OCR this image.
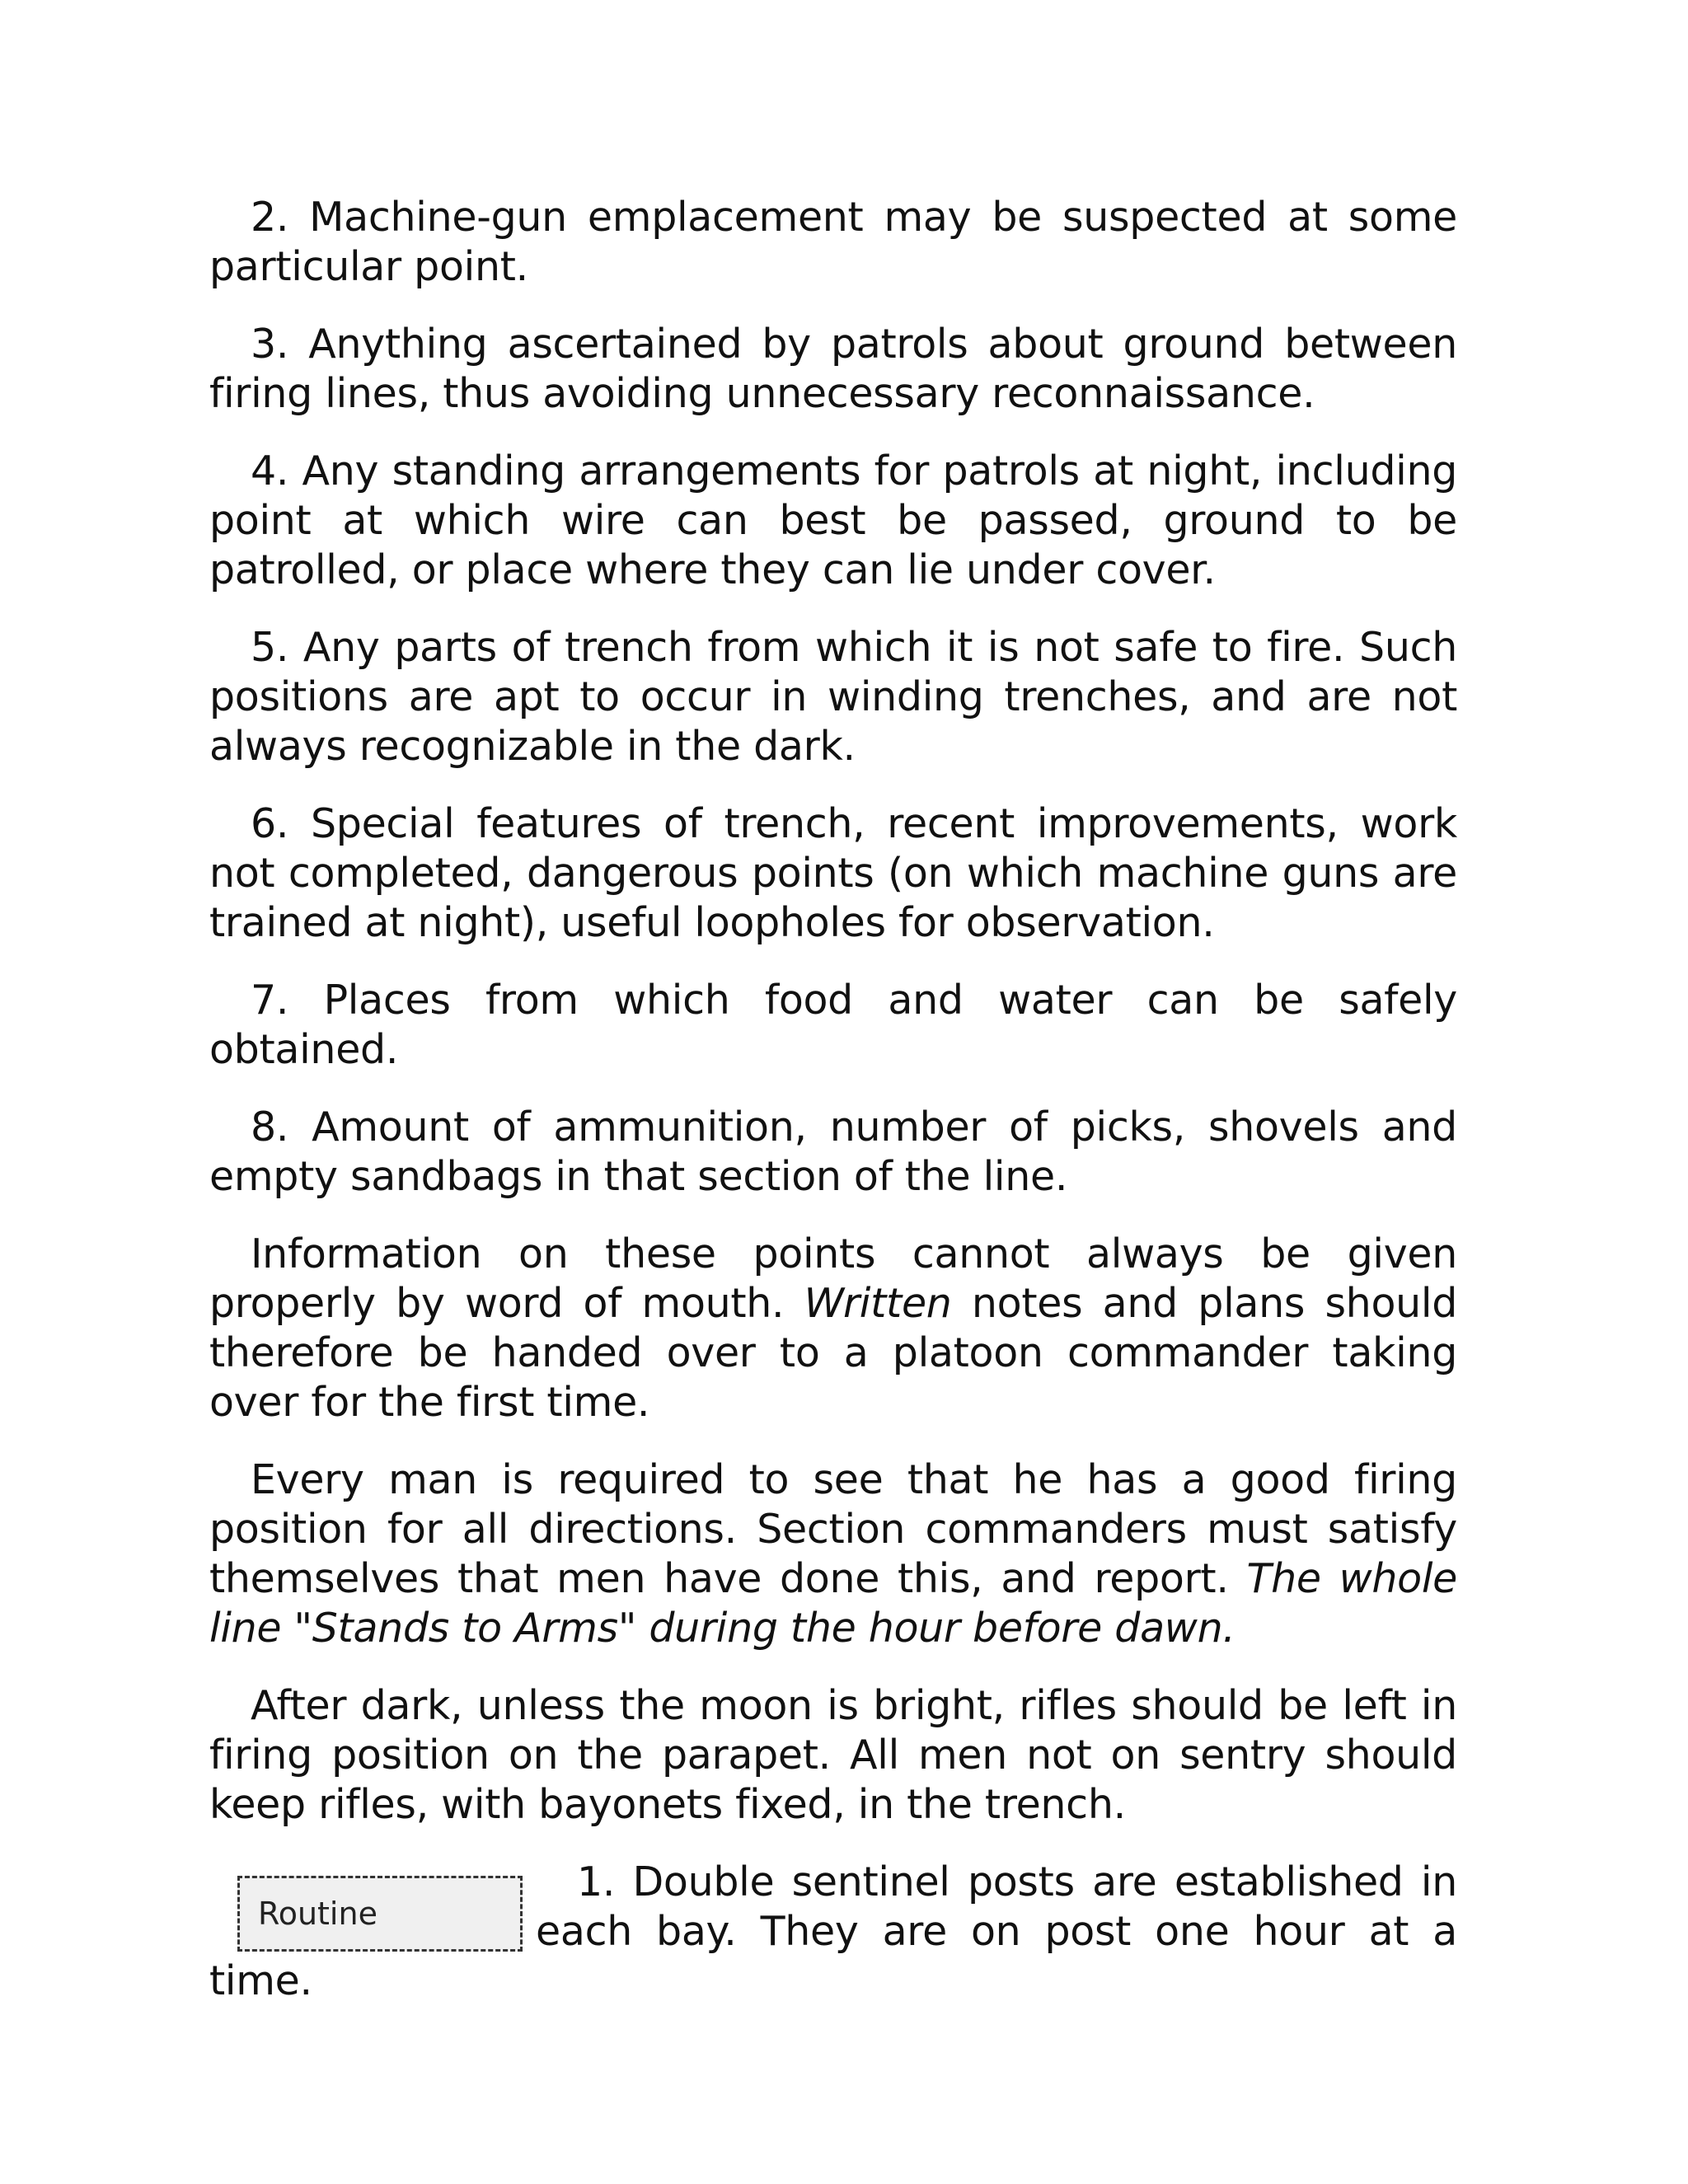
2. Machine-gun emplacement may be suspected at some particular point.

3. Anything ascertained by patrols about ground between firing lines, thus avoiding unnecessary reconnaissance.

4. Any standing arrangements for patrols at night, including point at which wire can best be passed, ground to be patrolled, or place where they can lie under cover.

5. Any parts of trench from which it is not safe to fire. Such positions are apt to occur in winding trenches, and are not always recognizable in the dark.

6. Special features of trench, recent improvements, work not completed, dangerous points (on which machine guns are trained at night), useful loopholes for observation.

7. Places from which food and water can be safely obtained.

8. Amount of ammunition, number of picks, shovels and empty sandbags in that section of the line.

Information on these points cannot always be given properly by word of mouth. Written notes and plans should therefore be handed over to a platoon commander taking over for the first time.

Every man is required to see that he has a good firing position for all directions. Section commanders must satisfy themselves that men have done this, and report. The whole line "Stands to Arms" during the hour before dawn.

After dark, unless the moon is bright, rifles should be left in firing position on the parapet. All men not on sentry should keep rifles, with bayonets fixed, in the trench.

Routine

1. Double sentinel posts are established in each bay. They are on post one hour at a time.
